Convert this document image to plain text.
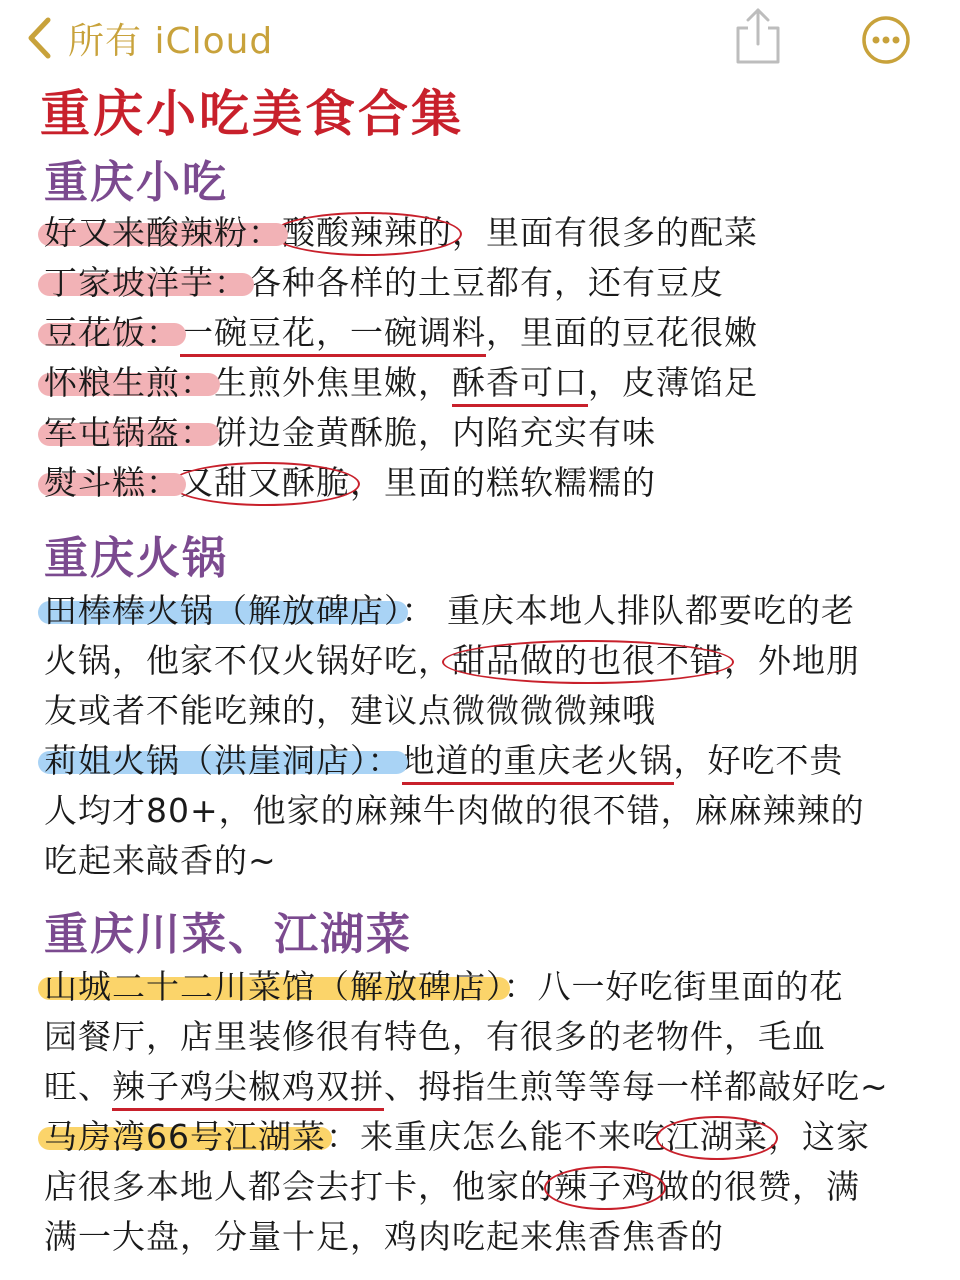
所有 iCloud
重庆小吃美食合集
重庆小吃
好又来酸辣粉：酸酸辣辣的，里面有很多的配菜
丁家坡洋芋：各种各样的土豆都有，还有豆皮
豆花饭：一碗豆花，一碗调料，里面的豆花很嫩
怀粮生煎：生煎外焦里嫩，酥香可口，皮薄馅足
军屯锅盔：饼边金黄酥脆，内陷充实有味
熨斗糕：又甜又酥脆，里面的糕软糯糯的
重庆火锅
田棒棒火锅（解放碑店）： 重庆本地人排队都要吃的老
火锅，他家不仅火锅好吃，甜品做的也很不错，外地朋
友或者不能吃辣的，建议点微微微微辣哦
莉姐火锅（洪崖洞店）：地道的重庆老火锅，好吃不贵
人均才80+，他家的麻辣牛肉做的很不错，麻麻辣辣的
吃起来敲香的~
重庆川菜、江湖菜
山城二十二川菜馆（解放碑店）：八一好吃街里面的花
园餐厅，店里装修很有特色，有很多的老物件，毛血
旺、辣子鸡尖椒鸡双拼、拇指生煎等等每一样都敲好吃~
马房湾66号江湖菜：来重庆怎么能不来吃江湖菜，这家
店很多本地人都会去打卡，他家的辣子鸡做的很赞，满
满一大盘，分量十足，鸡肉吃起来焦香焦香的
